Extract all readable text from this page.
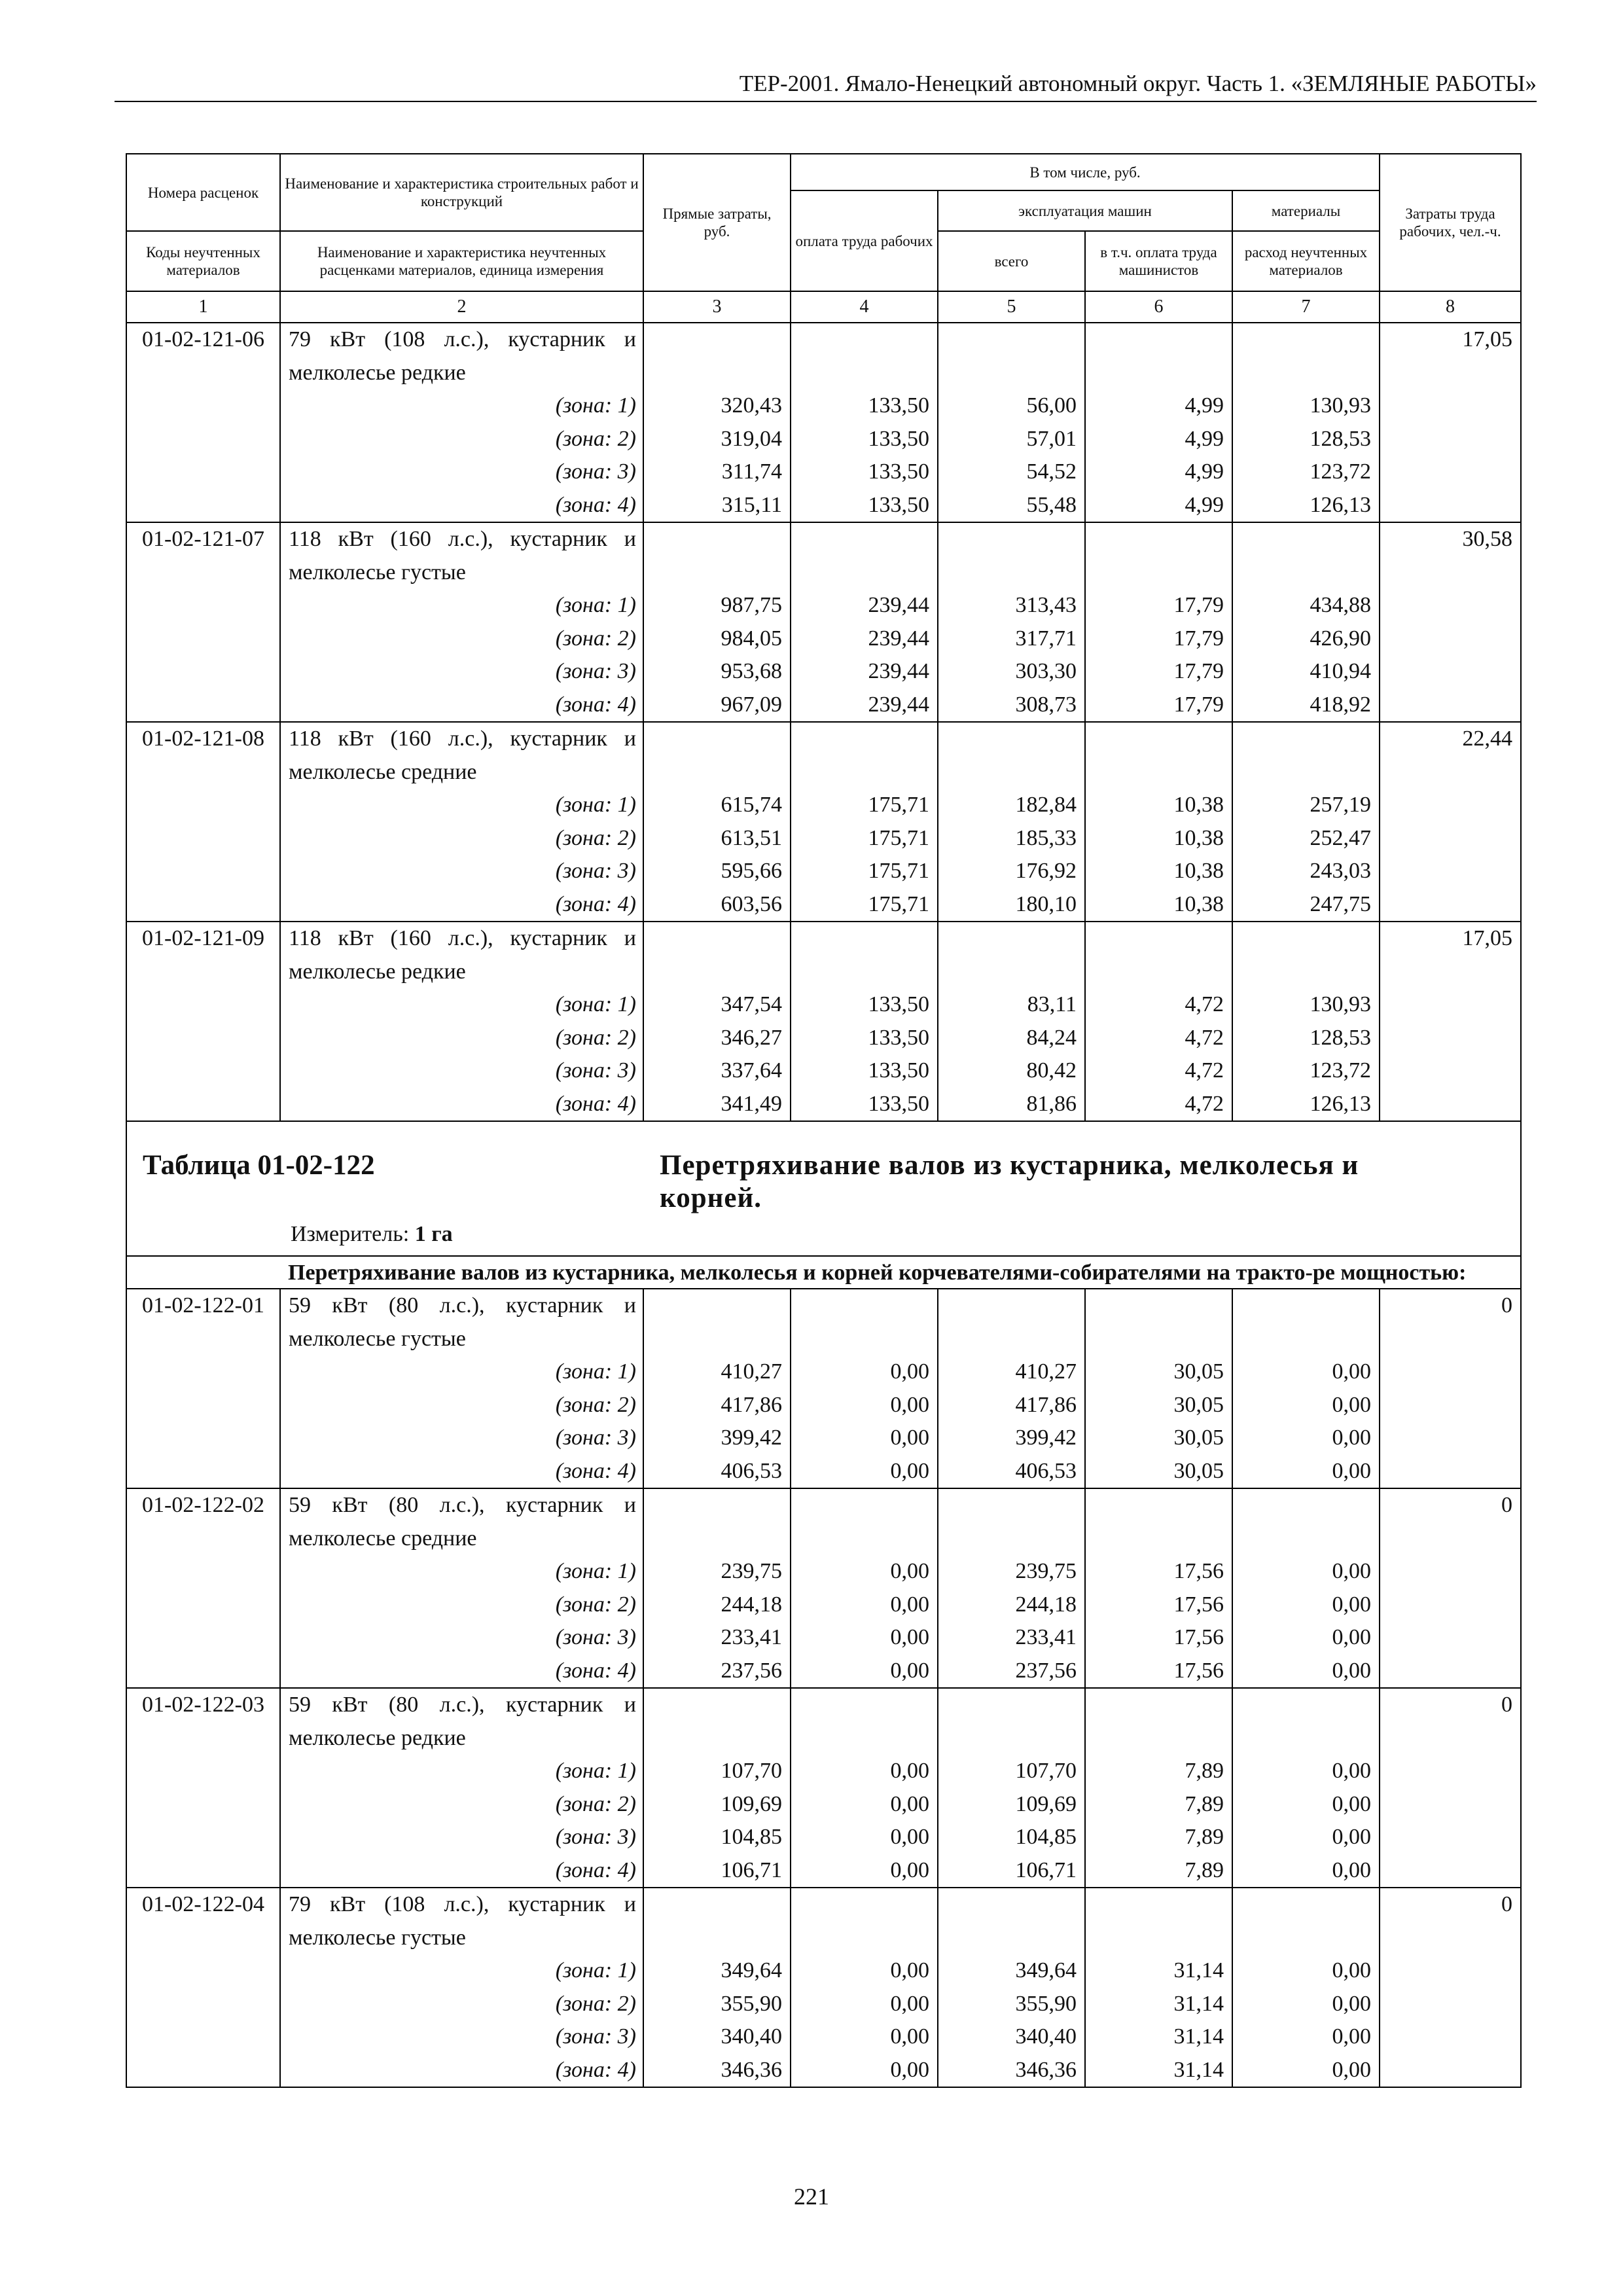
ТЕР-2001. Ямало-Ненецкий автономный округ. Часть 1. «ЗЕМЛЯНЫЕ РАБОТЫ»
Номера расценок	Наименование и характеристика строительных работ и конструкций	Прямые затраты, руб.	В том числе, руб.				Затраты труда рабочих, чел.-ч.
			оплата труда рабочих	эксплуатация машин		материалы	
Коды неучтенных материалов	Наименование и характеристика неучтенных расценками материалов, единица измерения			всего	в т.ч. оплата труда машинистов	расход неучтенных материалов	
1	2	3	4	5	6	7	8
01-02-121-06	79 кВт (108 л.с.), кустарник и						17,05
	мелколесье редкие						
	(зона: 1)	320,43	133,50	56,00	4,99	130,93	
	(зона: 2)	319,04	133,50	57,01	4,99	128,53	
	(зона: 3)	311,74	133,50	54,52	4,99	123,72	
	(зона: 4)	315,11	133,50	55,48	4,99	126,13	
01-02-121-07	118 кВт (160 л.с.), кустарник и						30,58
	мелколесье густые						
	(зона: 1)	987,75	239,44	313,43	17,79	434,88	
	(зона: 2)	984,05	239,44	317,71	17,79	426,90	
	(зона: 3)	953,68	239,44	303,30	17,79	410,94	
	(зона: 4)	967,09	239,44	308,73	17,79	418,92	
01-02-121-08	118 кВт (160 л.с.), кустарник и						22,44
	мелколесье средние						
	(зона: 1)	615,74	175,71	182,84	10,38	257,19	
	(зона: 2)	613,51	175,71	185,33	10,38	252,47	
	(зона: 3)	595,66	175,71	176,92	10,38	243,03	
	(зона: 4)	603,56	175,71	180,10	10,38	247,75	
01-02-121-09	118 кВт (160 л.с.), кустарник и						17,05
	мелколесье редкие						
	(зона: 1)	347,54	133,50	83,11	4,72	130,93	
	(зона: 2)	346,27	133,50	84,24	4,72	128,53	
	(зона: 3)	337,64	133,50	80,42	4,72	123,72	
	(зона: 4)	341,49	133,50	81,86	4,72	126,13	

Таблица 01-02-122 Перетряхивание валов из кустарника, мелколесья и корней.
Измеритель: 1 га							

Перетряхивание валов из кустарника, мелколесья и корней корчевателями-собирателями на тракто-ре мощностью:							
01-02-122-01	59 кВт (80 л.с.), кустарник и						0
	мелколесье густые						
	(зона: 1)	410,27	0,00	410,27	30,05	0,00	
	(зона: 2)	417,86	0,00	417,86	30,05	0,00	
	(зона: 3)	399,42	0,00	399,42	30,05	0,00	
	(зона: 4)	406,53	0,00	406,53	30,05	0,00	
01-02-122-02	59 кВт (80 л.с.), кустарник и						0
	мелколесье средние						
	(зона: 1)	239,75	0,00	239,75	17,56	0,00	
	(зона: 2)	244,18	0,00	244,18	17,56	0,00	
	(зона: 3)	233,41	0,00	233,41	17,56	0,00	
	(зона: 4)	237,56	0,00	237,56	17,56	0,00	
01-02-122-03	59 кВт (80 л.с.), кустарник и						0
	мелколесье редкие						
	(зона: 1)	107,70	0,00	107,70	7,89	0,00	
	(зона: 2)	109,69	0,00	109,69	7,89	0,00	
	(зона: 3)	104,85	0,00	104,85	7,89	0,00	
	(зона: 4)	106,71	0,00	106,71	7,89	0,00	
01-02-122-04	79 кВт (108 л.с.), кустарник и						0
	мелколесье густые						
	(зона: 1)	349,64	0,00	349,64	31,14	0,00	
	(зона: 2)	355,90	0,00	355,90	31,14	0,00	
	(зона: 3)	340,40	0,00	340,40	31,14	0,00	
	(зона: 4)	346,36	0,00	346,36	31,14	0,00	
221
